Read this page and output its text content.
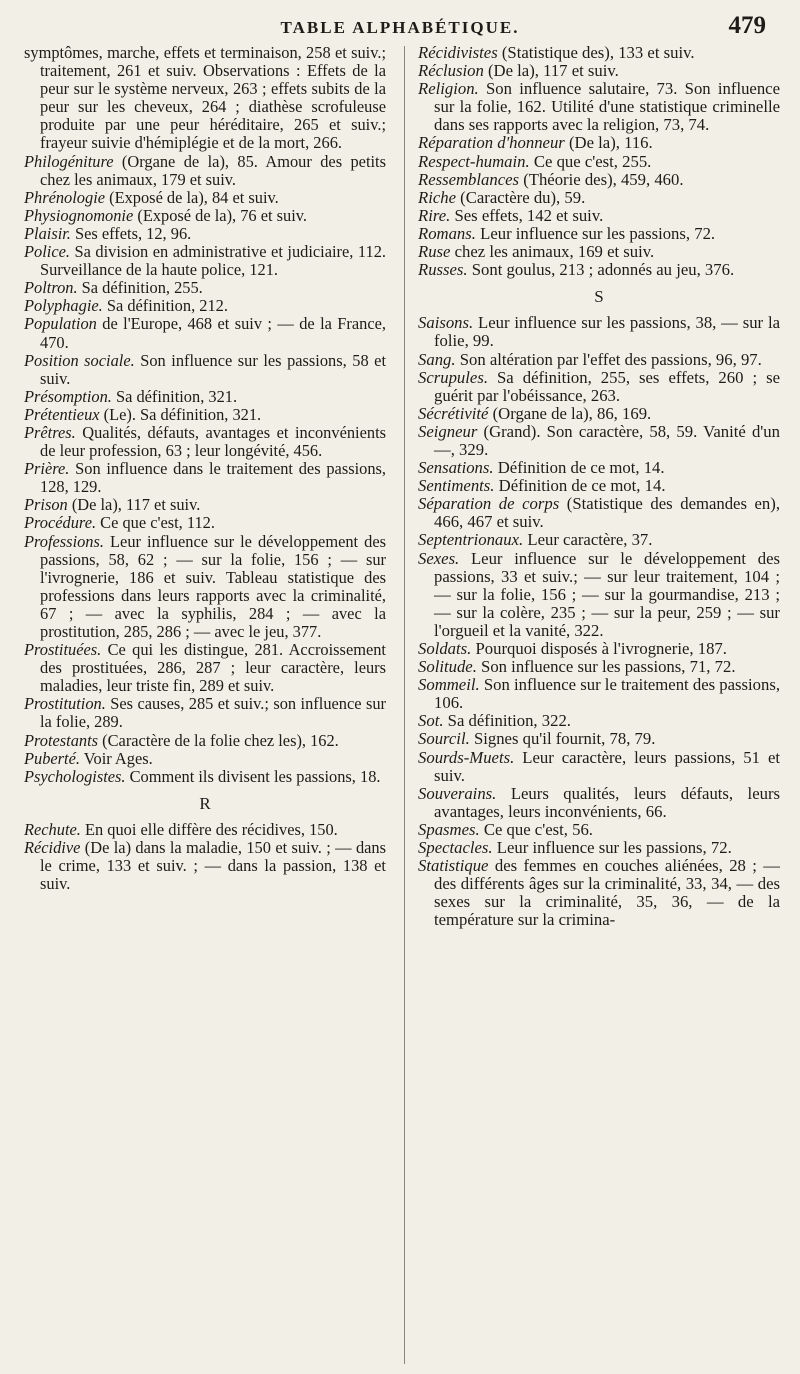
TABLE ALPHABÉTIQUE.	479

symptômes, marche, effets et terminaison, 258 et suiv.; traitement, 261 et suiv. Observations : Effets de la peur sur le système nerveux, 263 ; effets subits de la peur sur les cheveux, 264 ; diathèse scrofuleuse produite par une peur héréditaire, 265 et suiv.; frayeur suivie d'hémiplégie et de la mort, 266.

Philogéniture (Organe de la), 85. Amour des petits chez les animaux, 179 et suiv.

Phrénologie (Exposé de la), 84 et suiv.

Physiognomonie (Exposé de la), 76 et suiv.

Plaisir. Ses effets, 12, 96.

Police. Sa division en administrative et judiciaire, 112. Surveillance de la haute police, 121.

Poltron. Sa définition, 255.

Polyphagie. Sa définition, 212.

Population de l'Europe, 468 et suiv ; — de la France, 470.

Position sociale. Son influence sur les passions, 58 et suiv.

Présomption. Sa définition, 321.

Prétentieux (Le). Sa définition, 321.

Prêtres. Qualités, défauts, avantages et inconvénients de leur profession, 63 ; leur longévité, 456.

Prière. Son influence dans le traitement des passions, 128, 129.

Prison (De la), 117 et suiv.

Procédure. Ce que c'est, 112.

Professions. Leur influence sur le développement des passions, 58, 62 ; — sur la folie, 156 ; — sur l'ivrognerie, 186 et suiv. Tableau statistique des professions dans leurs rapports avec la criminalité, 67 ; — avec la syphilis, 284 ; — avec la prostitution, 285, 286 ; — avec le jeu, 377.

Prostituées. Ce qui les distingue, 281. Accroissement des prostituées, 286, 287 ; leur caractère, leurs maladies, leur triste fin, 289 et suiv.

Prostitution. Ses causes, 285 et suiv.; son influence sur la folie, 289.

Protestants (Caractère de la folie chez les), 162.

Puberté. Voir Ages.

Psychologistes. Comment ils divisent les passions, 18.

R

Rechute. En quoi elle diffère des récidives, 150.

Récidive (De la) dans la maladie, 150 et suiv. ; — dans le crime, 133 et suiv. ; — dans la passion, 138 et suiv.

Récidivistes (Statistique des), 133 et suiv.

Réclusion (De la), 117 et suiv.

Religion. Son influence salutaire, 73. Son influence sur la folie, 162. Utilité d'une statistique criminelle dans ses rapports avec la religion, 73, 74.

Réparation d'honneur (De la), 116.

Respect-humain. Ce que c'est, 255.

Ressemblances (Théorie des), 459, 460.

Riche (Caractère du), 59.

Rire. Ses effets, 142 et suiv.

Romans. Leur influence sur les passions, 72.

Ruse chez les animaux, 169 et suiv.

Russes. Sont goulus, 213 ; adonnés au jeu, 376.

S

Saisons. Leur influence sur les passions, 38, — sur la folie, 99.

Sang. Son altération par l'effet des passions, 96, 97.

Scrupules. Sa définition, 255, ses effets, 260 ; se guérit par l'obéissance, 263.

Sécrétivité (Organe de la), 86, 169.

Seigneur (Grand). Son caractère, 58, 59. Vanité d'un —, 329.

Sensations. Définition de ce mot, 14.

Sentiments. Définition de ce mot, 14.

Séparation de corps (Statistique des demandes en), 466, 467 et suiv.

Septentrionaux. Leur caractère, 37.

Sexes. Leur influence sur le développement des passions, 33 et suiv.; — sur leur traitement, 104 ; — sur la folie, 156 ; — sur la gourmandise, 213 ; — sur la colère, 235 ; — sur la peur, 259 ; — sur l'orgueil et la vanité, 322.

Soldats. Pourquoi disposés à l'ivrognerie, 187.

Solitude. Son influence sur les passions, 71, 72.

Sommeil. Son influence sur le traitement des passions, 106.

Sot. Sa définition, 322.

Sourcil. Signes qu'il fournit, 78, 79.

Sourds-Muets. Leur caractère, leurs passions, 51 et suiv.

Souverains. Leurs qualités, leurs défauts, leurs avantages, leurs inconvénients, 66.

Spasmes. Ce que c'est, 56.

Spectacles. Leur influence sur les passions, 72.

Statistique des femmes en couches aliénées, 28 ; — des différents âges sur la criminalité, 33, 34, — des sexes sur la criminalité, 35, 36, — de la température sur la crimina-
